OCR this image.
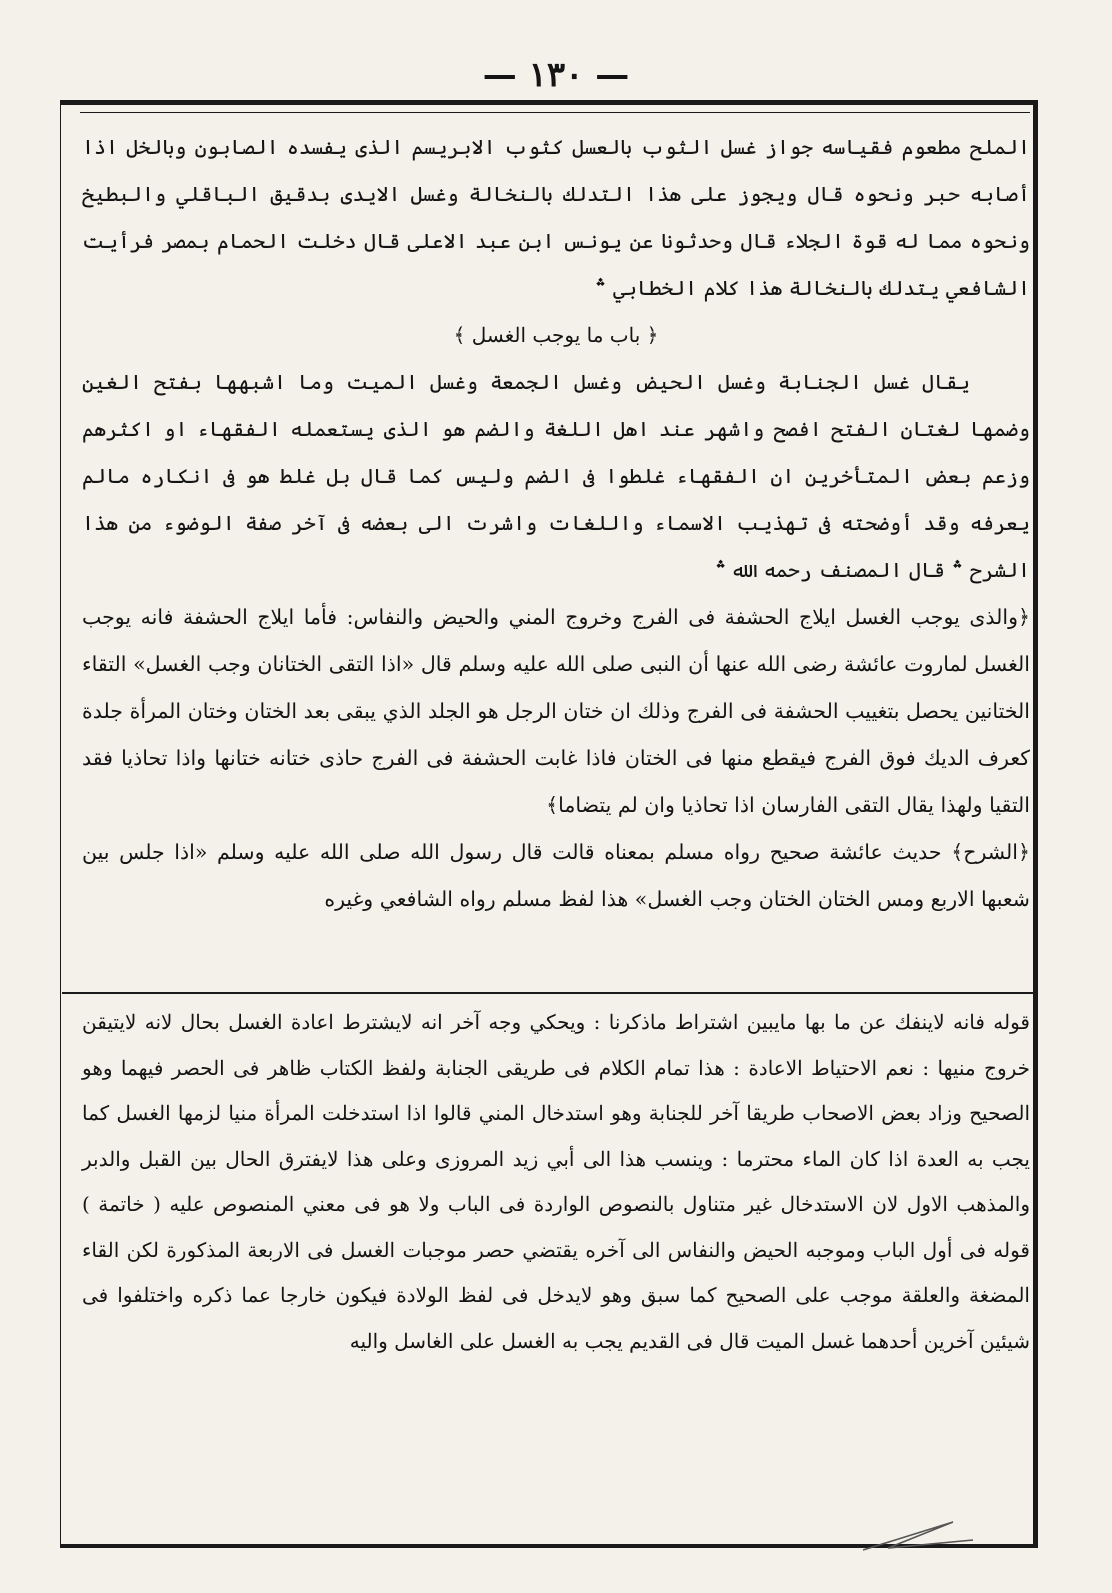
— ١٣٠ —

الملح مطعوم فقياسه جواز غسل الثوب بالعسل كثوب الابريسم الذى يفسده الصابون وبالخل اذا أصابه حبر ونحوه قال ويجوز على هذا التدلك بالنخالة وغسل الايدى بدقيق الباقلي والبطيخ ونحوه مما له قوة الجلاء قال وحدثونا عن يونس ابن عبد الاعلى قال دخلت الحمام بمصر فرأيت الشافعي يتدلك بالنخالة هذا كلام الخطابي ؞

﴿ باب ما يوجب الغسل ﴾

يقال غسل الجنابة وغسل الحيض وغسل الجمعة وغسل الميت وما اشبهها بفتح الغين وضمها لغتان الفتح افصح واشهر عند اهل اللغة والضم هو الذى يستعمله الفقهاء او اكثرهم وزعم بعض المتأخرين ان الفقهاء غلطوا فى الضم وليس كما قال بل غلط هو فى انكاره مالم يعرفه وقد أوضحته فى تهذيب الاسماء واللغات واشرت الى بعضه فى آخر صفة الوضوء من هذا الشرح ؞ قال المصنف رحمه الله ؞

﴿والذى يوجب الغسل ايلاج الحشفة فى الفرج وخروج المني والحيض والنفاس: فأما ايلاج الحشفة فانه يوجب الغسل لماروت عائشة رضى الله عنها أن النبى صلى الله عليه وسلم قال «اذا التقى الختانان وجب الغسل» التقاء الختانين يحصل بتغييب الحشفة فى الفرج وذلك ان ختان الرجل هو الجلد الذي يبقى بعد الختان وختان المرأة جلدة كعرف الديك فوق الفرج فيقطع منها فى الختان فاذا غابت الحشفة فى الفرج حاذى ختانه ختانها واذا تحاذيا فقد التقيا ولهذا يقال التقى الفارسان اذا تحاذيا وان لم يتضاما﴾

﴿الشرح﴾ حديث عائشة صحيح رواه مسلم بمعناه قالت قال رسول الله صلى الله عليه وسلم «اذا جلس بين شعبها الاربع ومس الختان الختان وجب الغسل» هذا لفظ مسلم رواه الشافعي وغيره

قوله فانه لاينفك عن ما بها مايبين اشتراط ماذكرنا : ويحكي وجه آخر انه لايشترط اعادة الغسل بحال لانه لايتيقن خروج منيها : نعم الاحتياط الاعادة : هذا تمام الكلام فى طريقى الجنابة ولفظ الكتاب ظاهر فى الحصر فيهما وهو الصحيح وزاد بعض الاصحاب طريقا آخر للجنابة وهو استدخال المني قالوا اذا استدخلت المرأة منيا لزمها الغسل كما يجب به العدة اذا كان الماء محترما : وينسب هذا الى أبي زيد المروزى وعلى هذا لايفترق الحال بين القبل والدبر والمذهب الاول لان الاستدخال غير متناول بالنصوص الواردة فى الباب ولا هو فى معني المنصوص عليه ( خاتمة ) قوله فى أول الباب وموجبه الحيض والنفاس الى آخره يقتضي حصر موجبات الغسل فى الاربعة المذكورة لكن القاء المضغة والعلقة موجب على الصحيح كما سبق وهو لايدخل فى لفظ الولادة فيكون خارجا عما ذكره واختلفوا فى شيئين آخرين أحدهما غسل الميت قال فى القديم يجب به الغسل على الغاسل واليه
